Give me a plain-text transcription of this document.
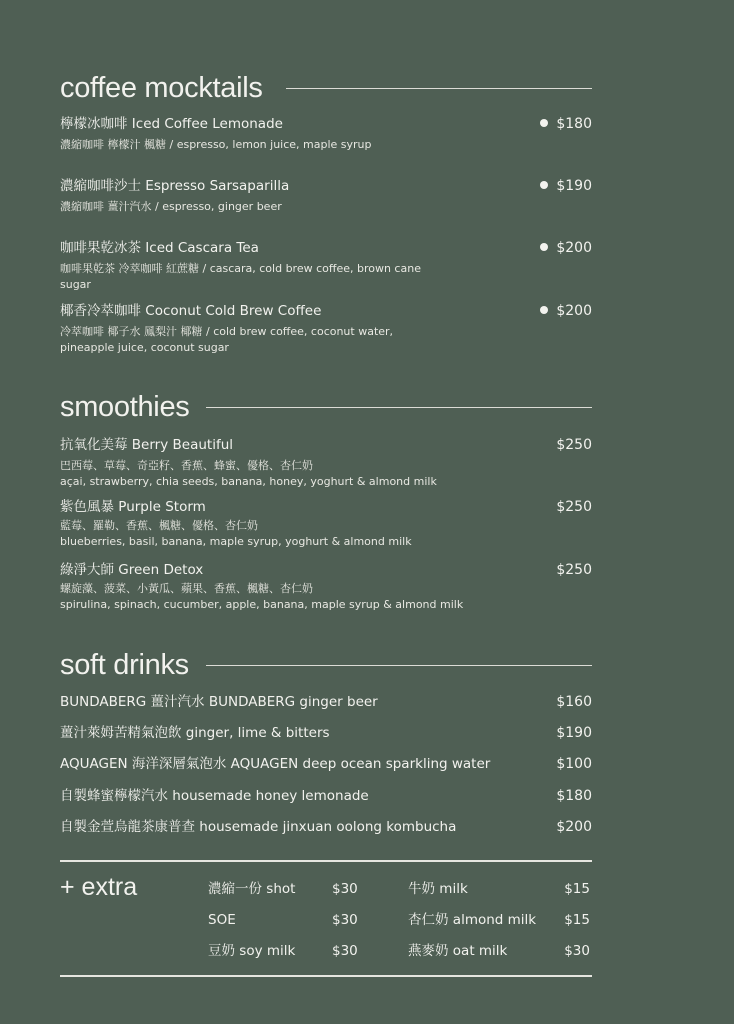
coffee mocktails
檸檬冰咖啡 Iced Coffee Lemonade	$180
濃縮咖啡 檸檬汁 楓糖 / espresso, lemon juice, maple syrup
濃縮咖啡沙士 Espresso Sarsaparilla	$190
濃縮咖啡 薑汁汽水 / espresso, ginger beer
咖啡果乾冰茶 Iced Cascara Tea	$200
咖啡果乾茶 冷萃咖啡 紅蔗糖 / cascara, cold brew coffee, brown cane sugar
椰香冷萃咖啡 Coconut Cold Brew Coffee	$200
冷萃咖啡 椰子水 鳳梨汁 椰糖 / cold brew coffee, coconut water, pineapple juice, coconut sugar
smoothies
抗氧化美莓 Berry Beautiful	$250
巴西莓、草莓、奇亞籽、香蕉、蜂蜜、優格、杏仁奶
açai, strawberry, chia seeds, banana, honey, yoghurt & almond milk
紫色風暴 Purple Storm	$250
藍莓、羅勒、香蕉、楓糖、優格、杏仁奶
blueberries, basil, banana, maple syrup, yoghurt & almond milk
綠淨大師 Green Detox	$250
螺旋藻、菠菜、小黃瓜、蘋果、香蕉、楓糖、杏仁奶
spirulina, spinach, cucumber, apple, banana, maple syrup & almond milk
soft drinks
BUNDABERG 薑汁汽水 BUNDABERG ginger beer	$160
薑汁萊姆苦精氣泡飲 ginger, lime & bitters	$190
AQUAGEN 海洋深層氣泡水 AQUAGEN deep ocean sparkling water	$100
自製蜂蜜檸檬汽水 housemade honey lemonade	$180
自製金萱烏龍茶康普查 housemade jinxuan oolong kombucha	$200
+ extra	濃縮一份 shot	$30	牛奶 milk	$15
SOE	$30	杏仁奶 almond milk $15
豆奶 soy milk	$30	燕麥奶 oat milk	$30
